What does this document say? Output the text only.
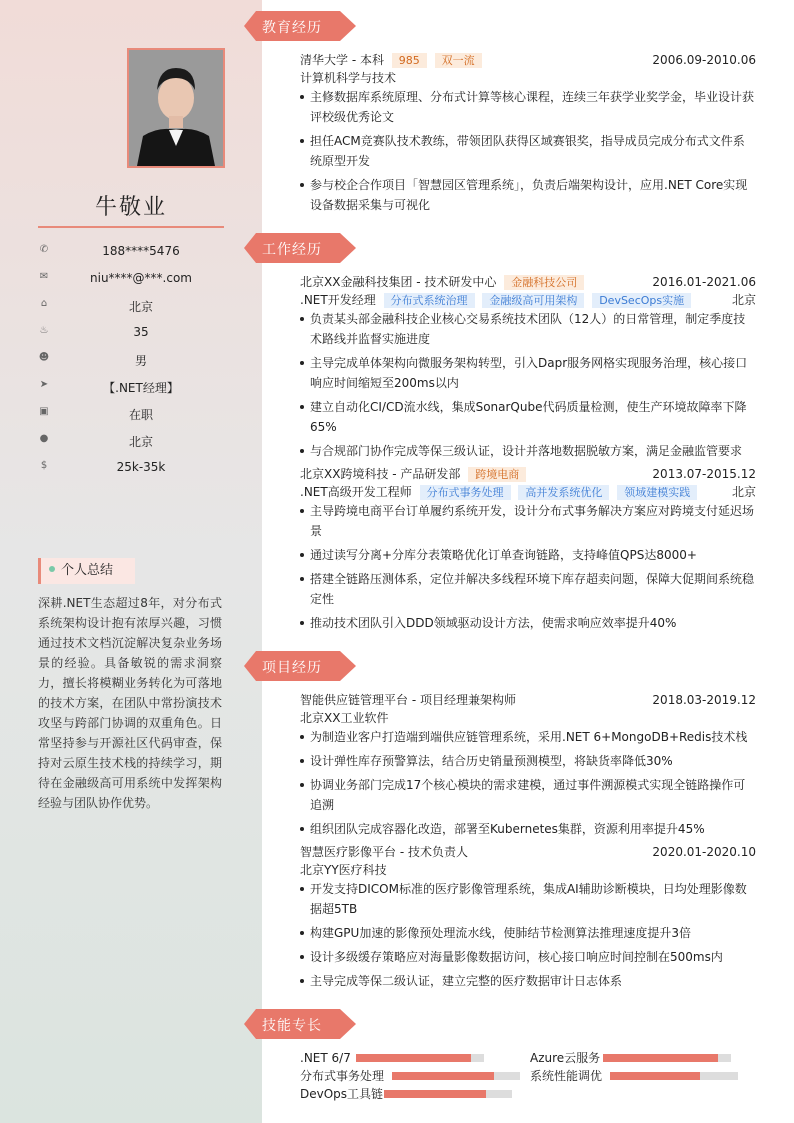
牛敬业
✆	188****5476
✉	niu****@***.com
⌂	北京
♨	35
☻	男
➤	【.NET经理】
▣	在职
●	北京
$	25k-35k
个人总结
深耕.NET生态超过8年，对分布式系统架构设计抱有浓厚兴趣，习惯通过技术文档沉淀解决复杂业务场景的经验。具备敏锐的需求洞察力，擅长将模糊业务转化为可落地的技术方案，在团队中常扮演技术攻坚与跨部门协调的双重角色。日常坚持参与开源社区代码审查，保持对云原生技术栈的持续学习，期待在金融级高可用系统中发挥架构经验与团队协作优势。
教育经历
工作经历
项目经历
技能专长
清华大学 - 本科 985 双一流	2006.09-2010.06
计算机科学与技术
主修数据库系统原理、分布式计算等核心课程，连续三年获学业奖学金，毕业设计获评校级优秀论文
担任ACM竞赛队技术教练，带领团队获得区域赛银奖，指导成员完成分布式文件系统原型开发
参与校企合作项目「智慧园区管理系统」，负责后端架构设计，应用.NET Core实现设备数据采集与可视化
北京XX金融科技集团 - 技术研发中心 金融科技公司	2016.01-2021.06
.NET开发经理 分布式系统治理 金融级高可用架构 DevSecOps实施	北京
负责某头部金融科技企业核心交易系统技术团队（12人）的日常管理，制定季度技术路线并监督实施进度
主导完成单体架构向微服务架构转型，引入Dapr服务网格实现服务治理，核心接口响应时间缩短至200ms以内
建立自动化CI/CD流水线，集成SonarQube代码质量检测，使生产环境故障率下降65%
与合规部门协作完成等保三级认证，设计并落地数据脱敏方案，满足金融监管要求
北京XX跨境科技 - 产品研发部 跨境电商	2013.07-2015.12
.NET高级开发工程师 分布式事务处理 高并发系统优化 领域建模实践	北京
主导跨境电商平台订单履约系统开发，设计分布式事务解决方案应对跨境支付延迟场景
通过读写分离+分库分表策略优化订单查询链路，支持峰值QPS达8000+
搭建全链路压测体系，定位并解决多线程环境下库存超卖问题，保障大促期间系统稳定性
推动技术团队引入DDD领域驱动设计方法，使需求响应效率提升40%
智能供应链管理平台 - 项目经理兼架构师	2018.03-2019.12
北京XX工业软件
为制造业客户打造端到端供应链管理系统，采用.NET 6+MongoDB+Redis技术栈
设计弹性库存预警算法，结合历史销量预测模型，将缺货率降低30%
协调业务部门完成17个核心模块的需求建模，通过事件溯源模式实现全链路操作可追溯
组织团队完成容器化改造，部署至Kubernetes集群，资源利用率提升45%
智慧医疗影像平台 - 技术负责人	2020.01-2020.10
北京YY医疗科技
开发支持DICOM标准的医疗影像管理系统，集成AI辅助诊断模块，日均处理影像数据超5TB
构建GPU加速的影像预处理流水线，使肺结节检测算法推理速度提升3倍
设计多级缓存策略应对海量影像数据访问，核心接口响应时间控制在500ms内
主导完成等保二级认证，建立完整的医疗数据审计日志体系
.NET 6/7	Azure云服务
分布式事务处理	系统性能调优
DevOps工具链
